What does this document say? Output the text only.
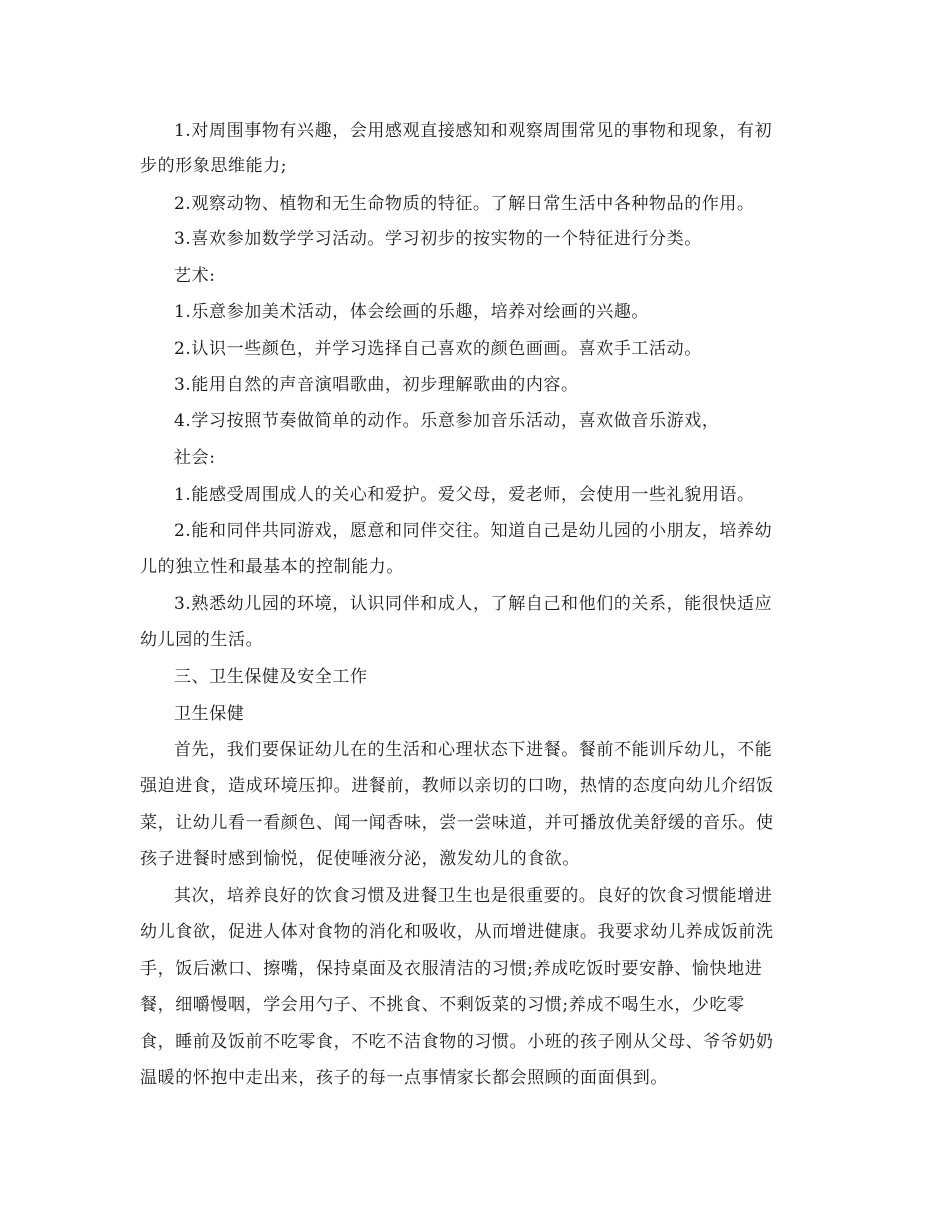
1.对周围事物有兴趣，会用感观直接感知和观察周围常见的事物和现象，有初
步的形象思维能力;
2.观察动物、植物和无生命物质的特征。了解日常生活中各种物品的作用。
3.喜欢参加数学学习活动。学习初步的按实物的一个特征进行分类。
艺术:
1.乐意参加美术活动，体会绘画的乐趣，培养对绘画的兴趣。
2.认识一些颜色，并学习选择自己喜欢的颜色画画。喜欢手工活动。
3.能用自然的声音演唱歌曲，初步理解歌曲的内容。
4.学习按照节奏做简单的动作。乐意参加音乐活动，喜欢做音乐游戏，
社会:
1.能感受周围成人的关心和爱护。爱父母，爱老师，会使用一些礼貌用语。
2.能和同伴共同游戏，愿意和同伴交往。知道自己是幼儿园的小朋友，培养幼
儿的独立性和最基本的控制能力。
3.熟悉幼儿园的环境，认识同伴和成人，了解自己和他们的关系，能很快适应
幼儿园的生活。
三、卫生保健及安全工作
卫生保健
首先，我们要保证幼儿在的生活和心理状态下进餐。餐前不能训斥幼儿，不能
强迫进食，造成环境压抑。进餐前，教师以亲切的口吻，热情的态度向幼儿介绍饭
菜，让幼儿看一看颜色、闻一闻香味，尝一尝味道，并可播放优美舒缓的音乐。使
孩子进餐时感到愉悦，促使唾液分泌，激发幼儿的食欲。
其次，培养良好的饮食习惯及进餐卫生也是很重要的。良好的饮食习惯能增进
幼儿食欲，促进人体对食物的消化和吸收，从而增进健康。我要求幼儿养成饭前洗
手，饭后漱口、擦嘴，保持桌面及衣服清洁的习惯;养成吃饭时要安静、愉快地进
餐，细嚼慢咽，学会用勺子、不挑食、不剩饭菜的习惯;养成不喝生水，少吃零
食，睡前及饭前不吃零食，不吃不洁食物的习惯。小班的孩子刚从父母、爷爷奶奶
温暖的怀抱中走出来，孩子的每一点事情家长都会照顾的面面俱到。
